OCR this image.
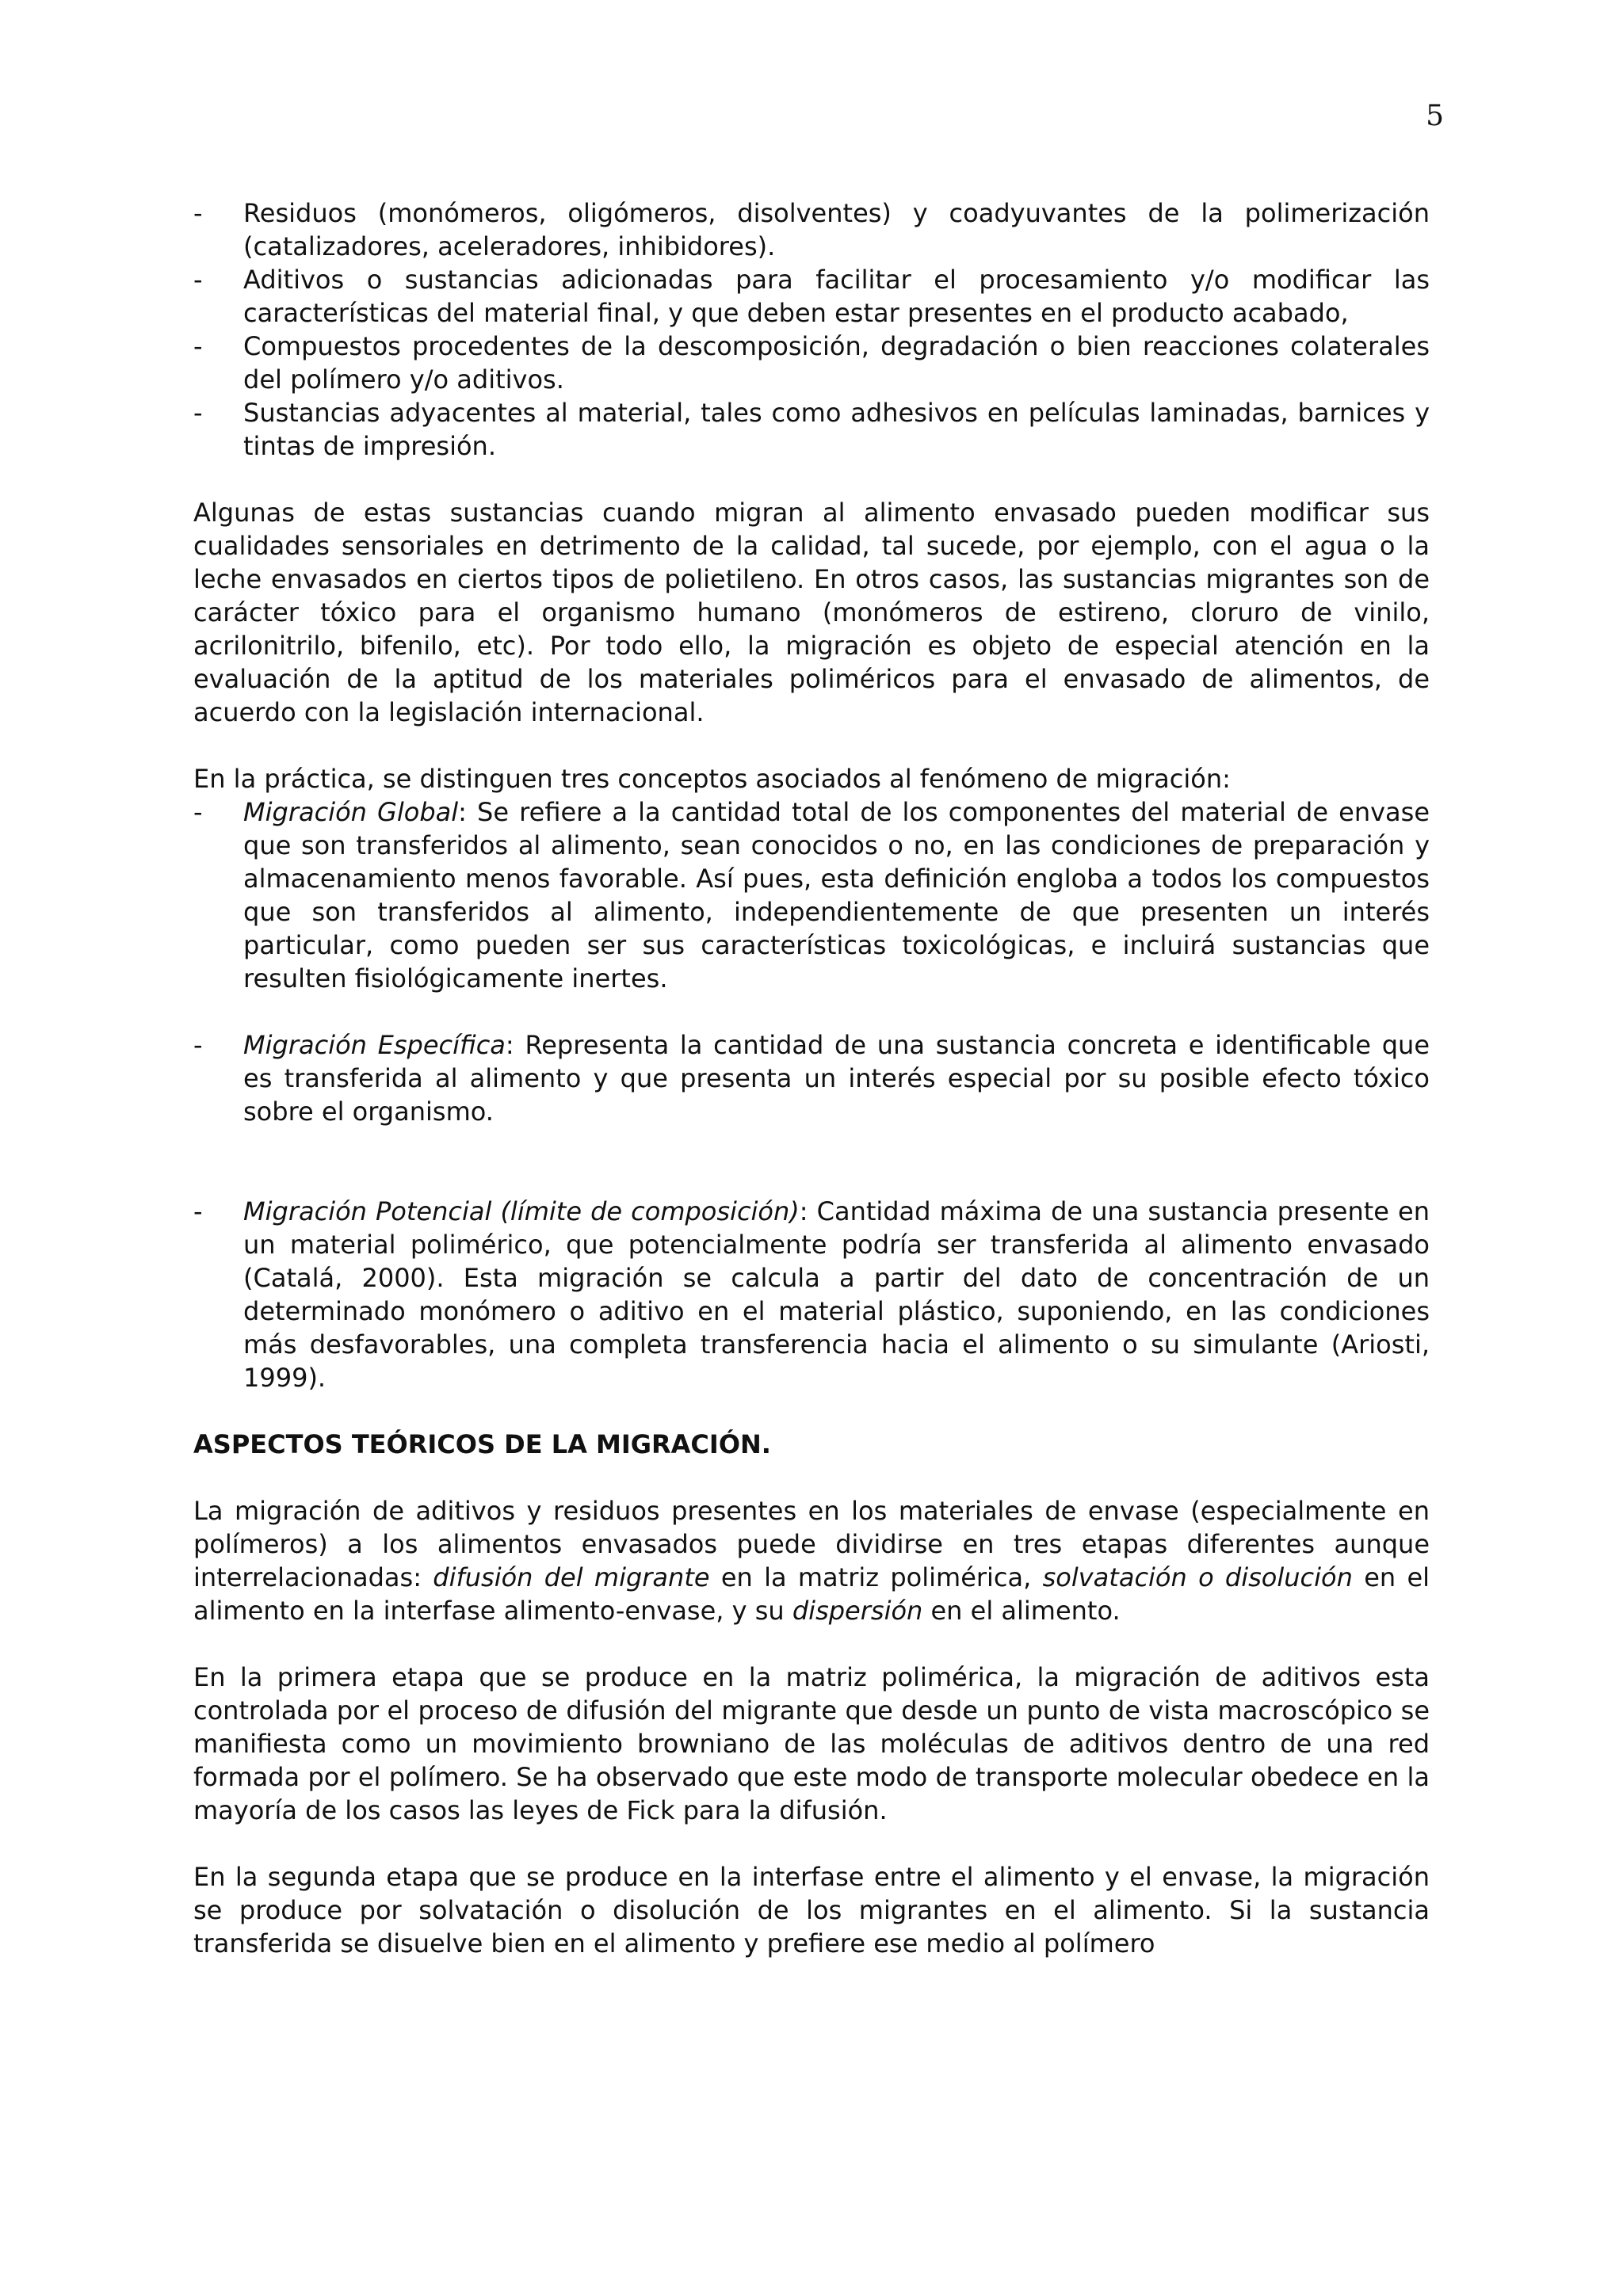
5
- Residuos (monómeros, oligómeros, disolventes) y coadyuvantes de la polimerización (catalizadores, aceleradores, inhibidores).
- Aditivos o sustancias adicionadas para facilitar el procesamiento y/o modificar las características del material final, y que deben estar presentes en el producto acabado,
- Compuestos procedentes de la descomposición, degradación o bien reacciones colaterales del polímero y/o aditivos.
- Sustancias adyacentes al material, tales como adhesivos en películas laminadas, barnices y tintas de impresión.

Algunas de estas sustancias cuando migran al alimento envasado pueden modificar sus cualidades sensoriales en detrimento de la calidad, tal sucede, por ejemplo, con el agua o la leche envasados en ciertos tipos de polietileno. En otros casos, las sustancias migrantes son de carácter tóxico para el organismo humano (monómeros de estireno, cloruro de vinilo, acrilonitrilo, bifenilo, etc). Por todo ello, la migración es objeto de especial atención en la evaluación de la aptitud de los materiales poliméricos para el envasado de alimentos, de acuerdo con la legislación internacional.

En la práctica, se distinguen tres conceptos asociados al fenómeno de migración:

- Migración Global: Se refiere a la cantidad total de los componentes del material de envase que son transferidos al alimento, sean conocidos o no, en las condiciones de preparación y almacenamiento menos favorable. Así pues, esta definición engloba a todos los compuestos que son transferidos al alimento, independientemente de que presenten un interés particular, como pueden ser sus características toxicológicas, e incluirá sustancias que resulten fisiológicamente inertes.
- Migración Específica: Representa la cantidad de una sustancia concreta e identificable que es transferida al alimento y que presenta un interés especial por su posible efecto tóxico sobre el organismo.
- Migración Potencial (límite de composición): Cantidad máxima de una sustancia presente en un material polimérico, que potencialmente podría ser transferida al alimento envasado (Catalá, 2000). Esta migración se calcula a partir del dato de concentración de un determinado monómero o aditivo en el material plástico, suponiendo, en las condiciones más desfavorables, una completa transferencia hacia el alimento o su simulante (Ariosti, 1999).

ASPECTOS TEÓRICOS DE LA MIGRACIÓN.

La migración de aditivos y residuos presentes en los materiales de envase (especialmente en polímeros) a los alimentos envasados puede dividirse en tres etapas diferentes aunque interrelacionadas: difusión del migrante en la matriz polimérica, solvatación o disolución en el alimento en la interfase alimento-envase, y su dispersión en el alimento.

En la primera etapa que se produce en la matriz polimérica, la migración de aditivos esta controlada por el proceso de difusión del migrante que desde un punto de vista macroscópico se manifiesta como un movimiento browniano de las moléculas de aditivos dentro de una red formada por el polímero. Se ha observado que este modo de transporte molecular obedece en la mayoría de los casos las leyes de Fick para la difusión.

En la segunda etapa que se produce en la interfase entre el alimento y el envase, la migración se produce por solvatación o disolución de los migrantes en el alimento. Si la sustancia transferida se disuelve bien en el alimento y prefiere ese medio al polímero
